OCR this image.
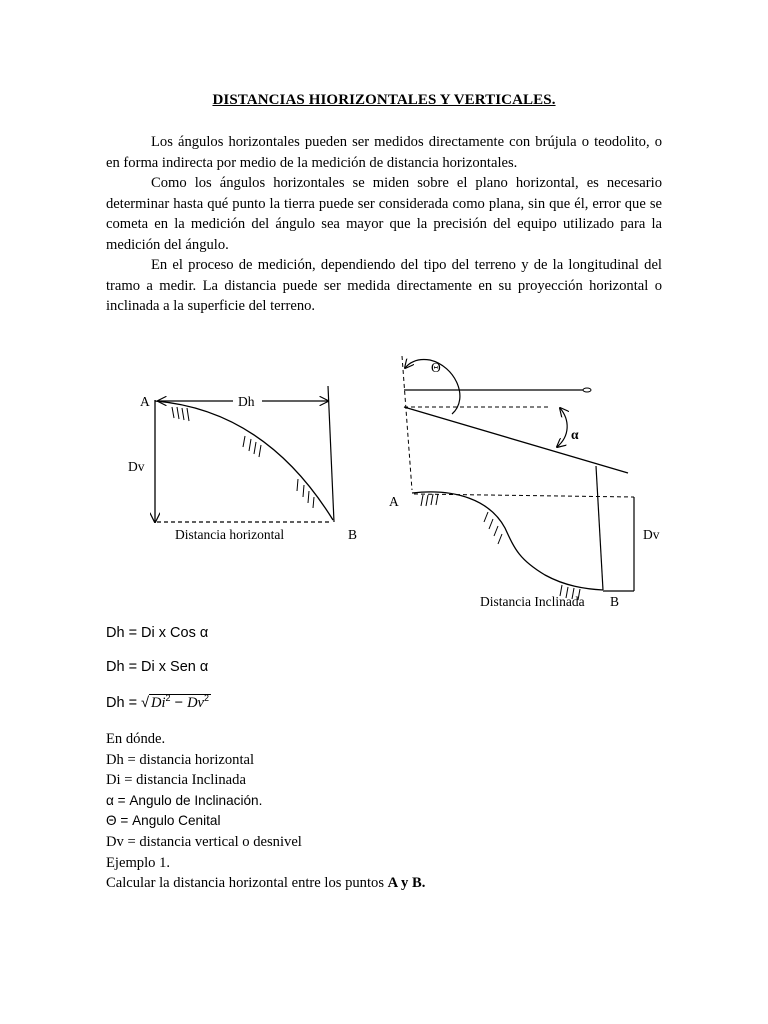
DISTANCIAS HIORIZONTALES Y VERTICALES.

Los ángulos horizontales pueden ser medidos directamente con brújula o teodolito, o en forma indirecta por medio de la medición de distancia horizontales.

Como los ángulos horizontales se miden sobre el plano horizontal, es necesario determinar hasta qué punto la tierra puede ser considerada como plana, sin que él, error que se cometa en la medición del ángulo sea mayor que la precisión del equipo utilizado para la medición del ángulo.

En el proceso de medición, dependiendo del tipo del terreno y de la longitudinal del tramo a medir. La distancia puede ser medida directamente en su proyección horizontal o inclinada a la superficie del terreno.

A	Dh
Dv
Distancia horizontal	B
Θ
α
A
Dv
Distancia Inclinada B
Dh = Di x Cos α
Dh = Di x Sen α
Dh = √ $Di^2 - Dv^2$
En dónde.
Dh = distancia horizontal
Di = distancia Inclinada
α = Angulo de Inclinación.
Θ = Angulo Cenital
Dv = distancia vertical o desnivel
Ejemplo 1.
Calcular la distancia horizontal entre los puntos A y B.
